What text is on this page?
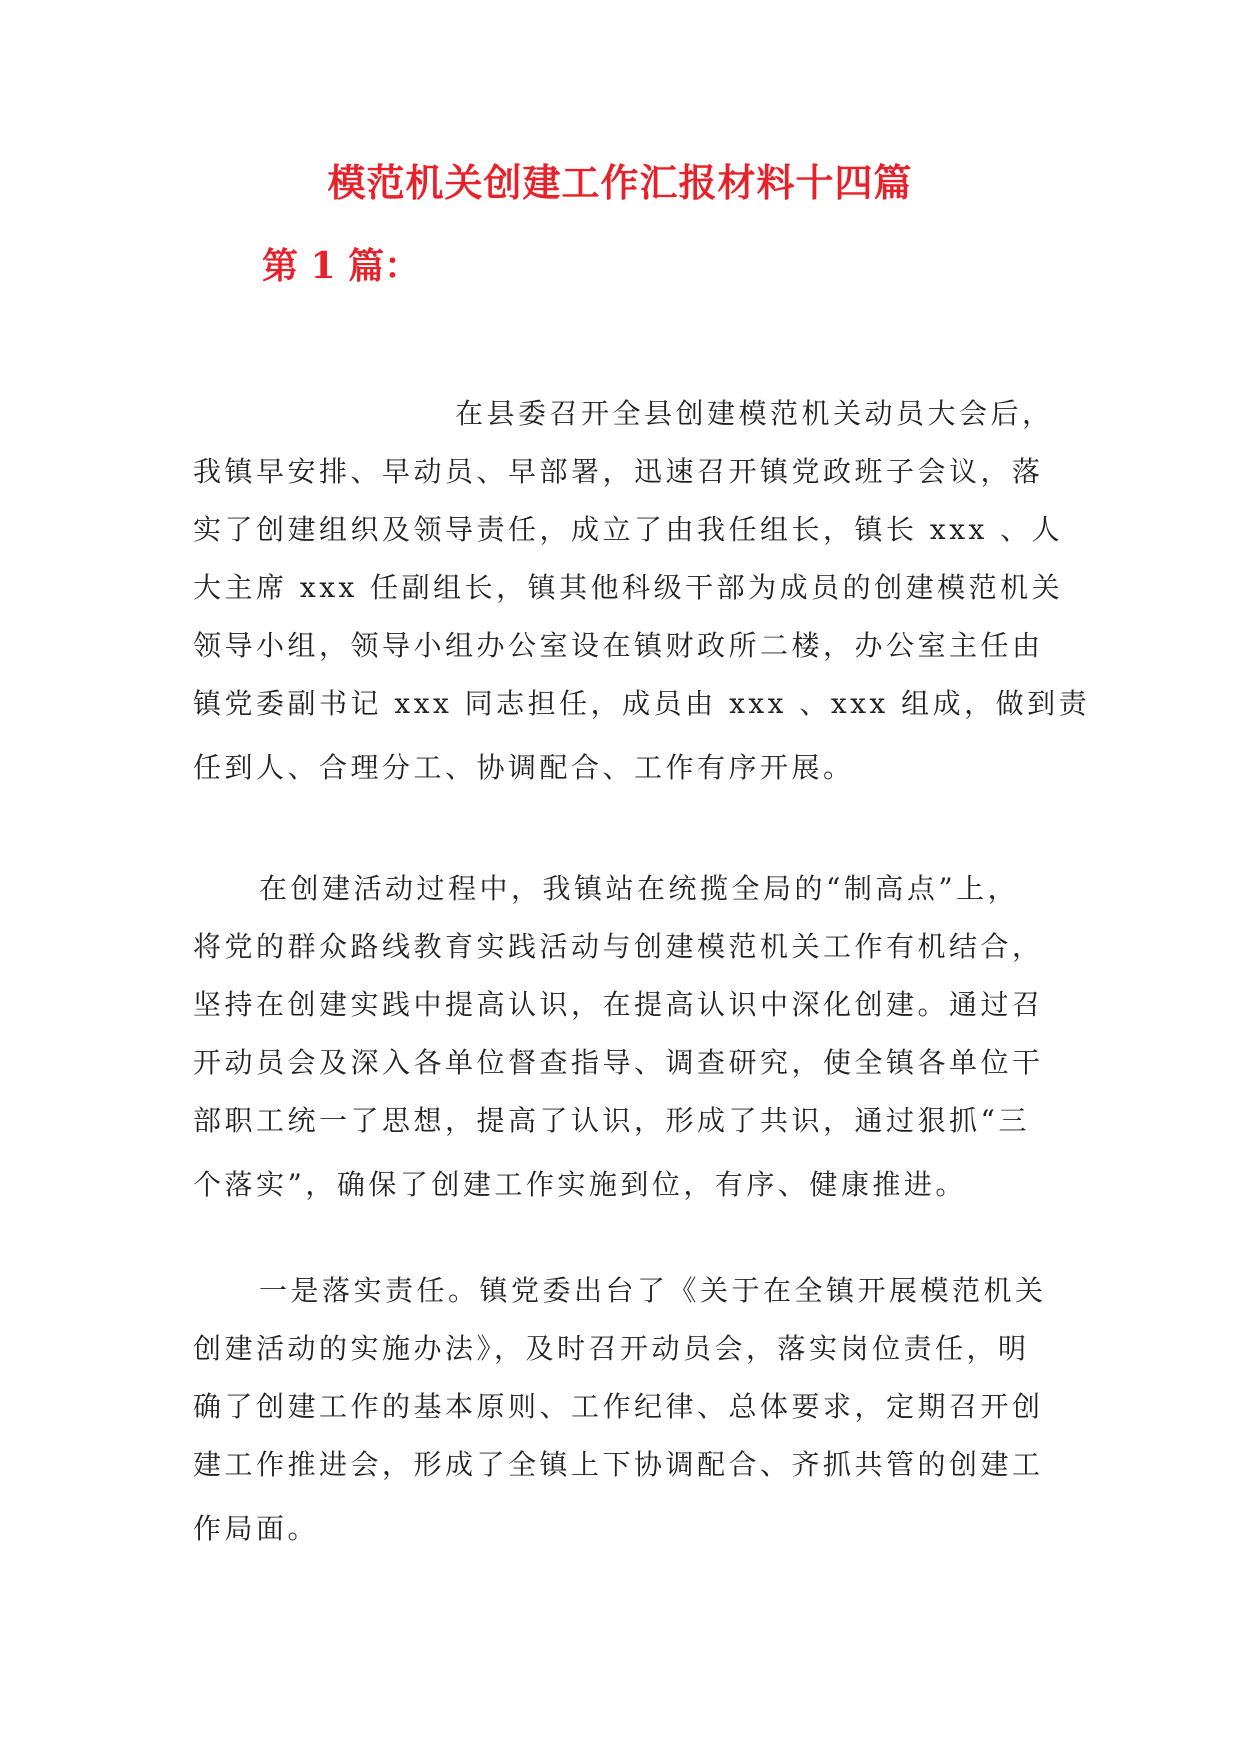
模范机关创建工作汇报材料十四篇
第 1 篇：

在县委召开全县创建模范机关动员大会后，
我镇早安排、早动员、早部署，迅速召开镇党政班子会议，落
实了创建组织及领导责任，成立了由我任组长，镇长 xxx 、人
大主席 xxx 任副组长，镇其他科级干部为成员的创建模范机关
领导小组，领导小组办公室设在镇财政所二楼，办公室主任由
镇党委副书记 xxx 同志担任，成员由 xxx 、xxx 组成，做到责
任到人、合理分工、协调配合、工作有序开展。

在创建活动过程中，我镇站在统揽全局的“制高点”上，
将党的群众路线教育实践活动与创建模范机关工作有机结合，
坚持在创建实践中提高认识，在提高认识中深化创建。通过召
开动员会及深入各单位督查指导、调查研究，使全镇各单位干
部职工统一了思想，提高了认识，形成了共识，通过狠抓“三
个落实”，确保了创建工作实施到位，有序、健康推进。

一是落实责任。镇党委出台了《关于在全镇开展模范机关
创建活动的实施办法》，及时召开动员会，落实岗位责任，明
确了创建工作的基本原则、工作纪律、总体要求，定期召开创
建工作推进会，形成了全镇上下协调配合、齐抓共管的创建工
作局面。
